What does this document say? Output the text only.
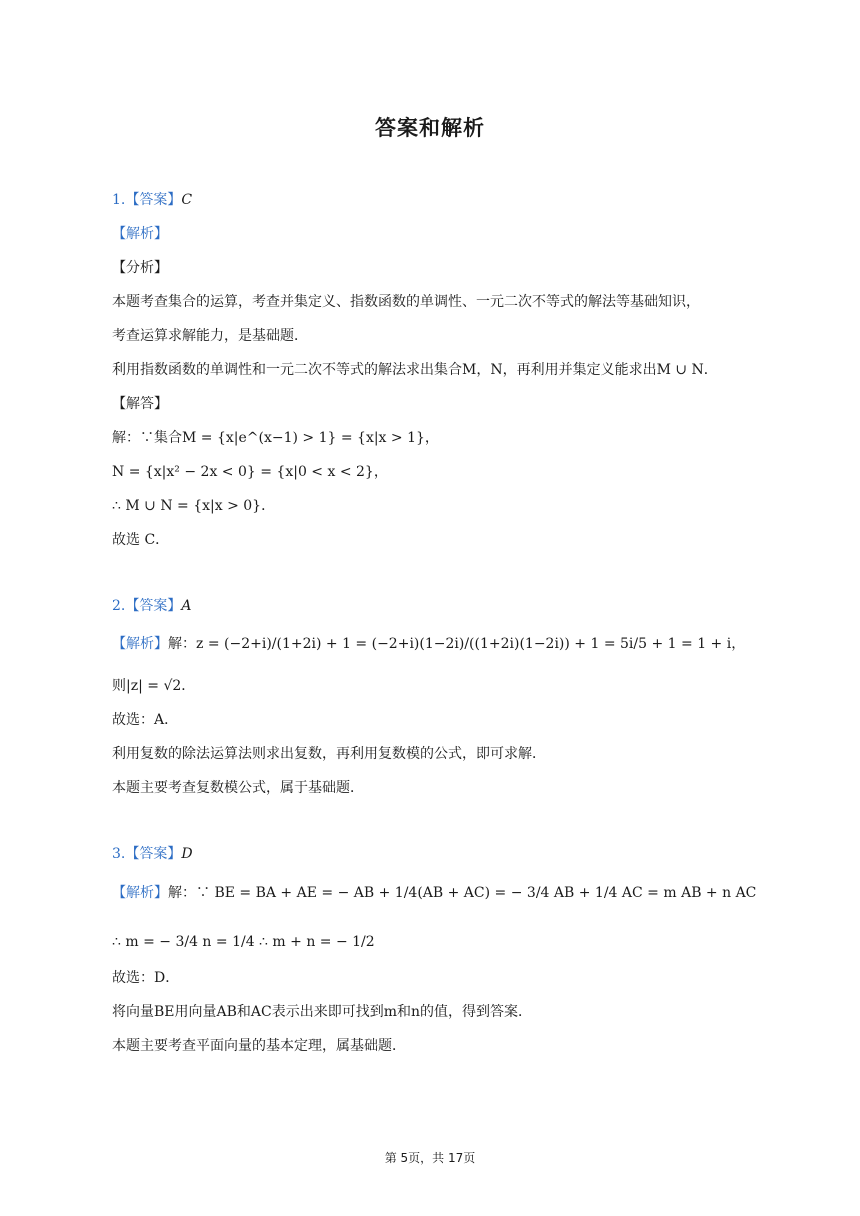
答案和解析
1.【答案】C
【解析】
【分析】
本题考查集合的运算，考查并集定义、指数函数的单调性、一元二次不等式的解法等基础知识，
考查运算求解能力，是基础题．
利用指数函数的单调性和一元二次不等式的解法求出集合M，N，再利用并集定义能求出M ∪ N．
【解答】
解：∵集合M = {x|e^(x−1) > 1} = {x|x > 1}，
N = {x|x² − 2x < 0} = {x|0 < x < 2}，
∴ M ∪ N = {x|x > 0}．
故选 C．
2.【答案】A
【解析】解：z = (−2+i)/(1+2i) + 1 = (−2+i)(1−2i)/((1+2i)(1−2i)) + 1 = 5i/5 + 1 = 1 + i，
则|z| = √2．
故选：A．
利用复数的除法运算法则求出复数，再利用复数模的公式，即可求解．
本题主要考查复数模公式，属于基础题．
3.【答案】D
【解析】解：∵ BE = BA + AE = − AB + 1/4(AB + AC) = − 3/4 AB + 1/4 AC = m AB + n AC
∴ m = − 3/4 n = 1/4 ∴ m + n = − 1/2
故选：D．
将向量BE用向量AB和AC表示出来即可找到m和n的值，得到答案．
本题主要考查平面向量的基本定理，属基础题．
第 5页，共 17页
